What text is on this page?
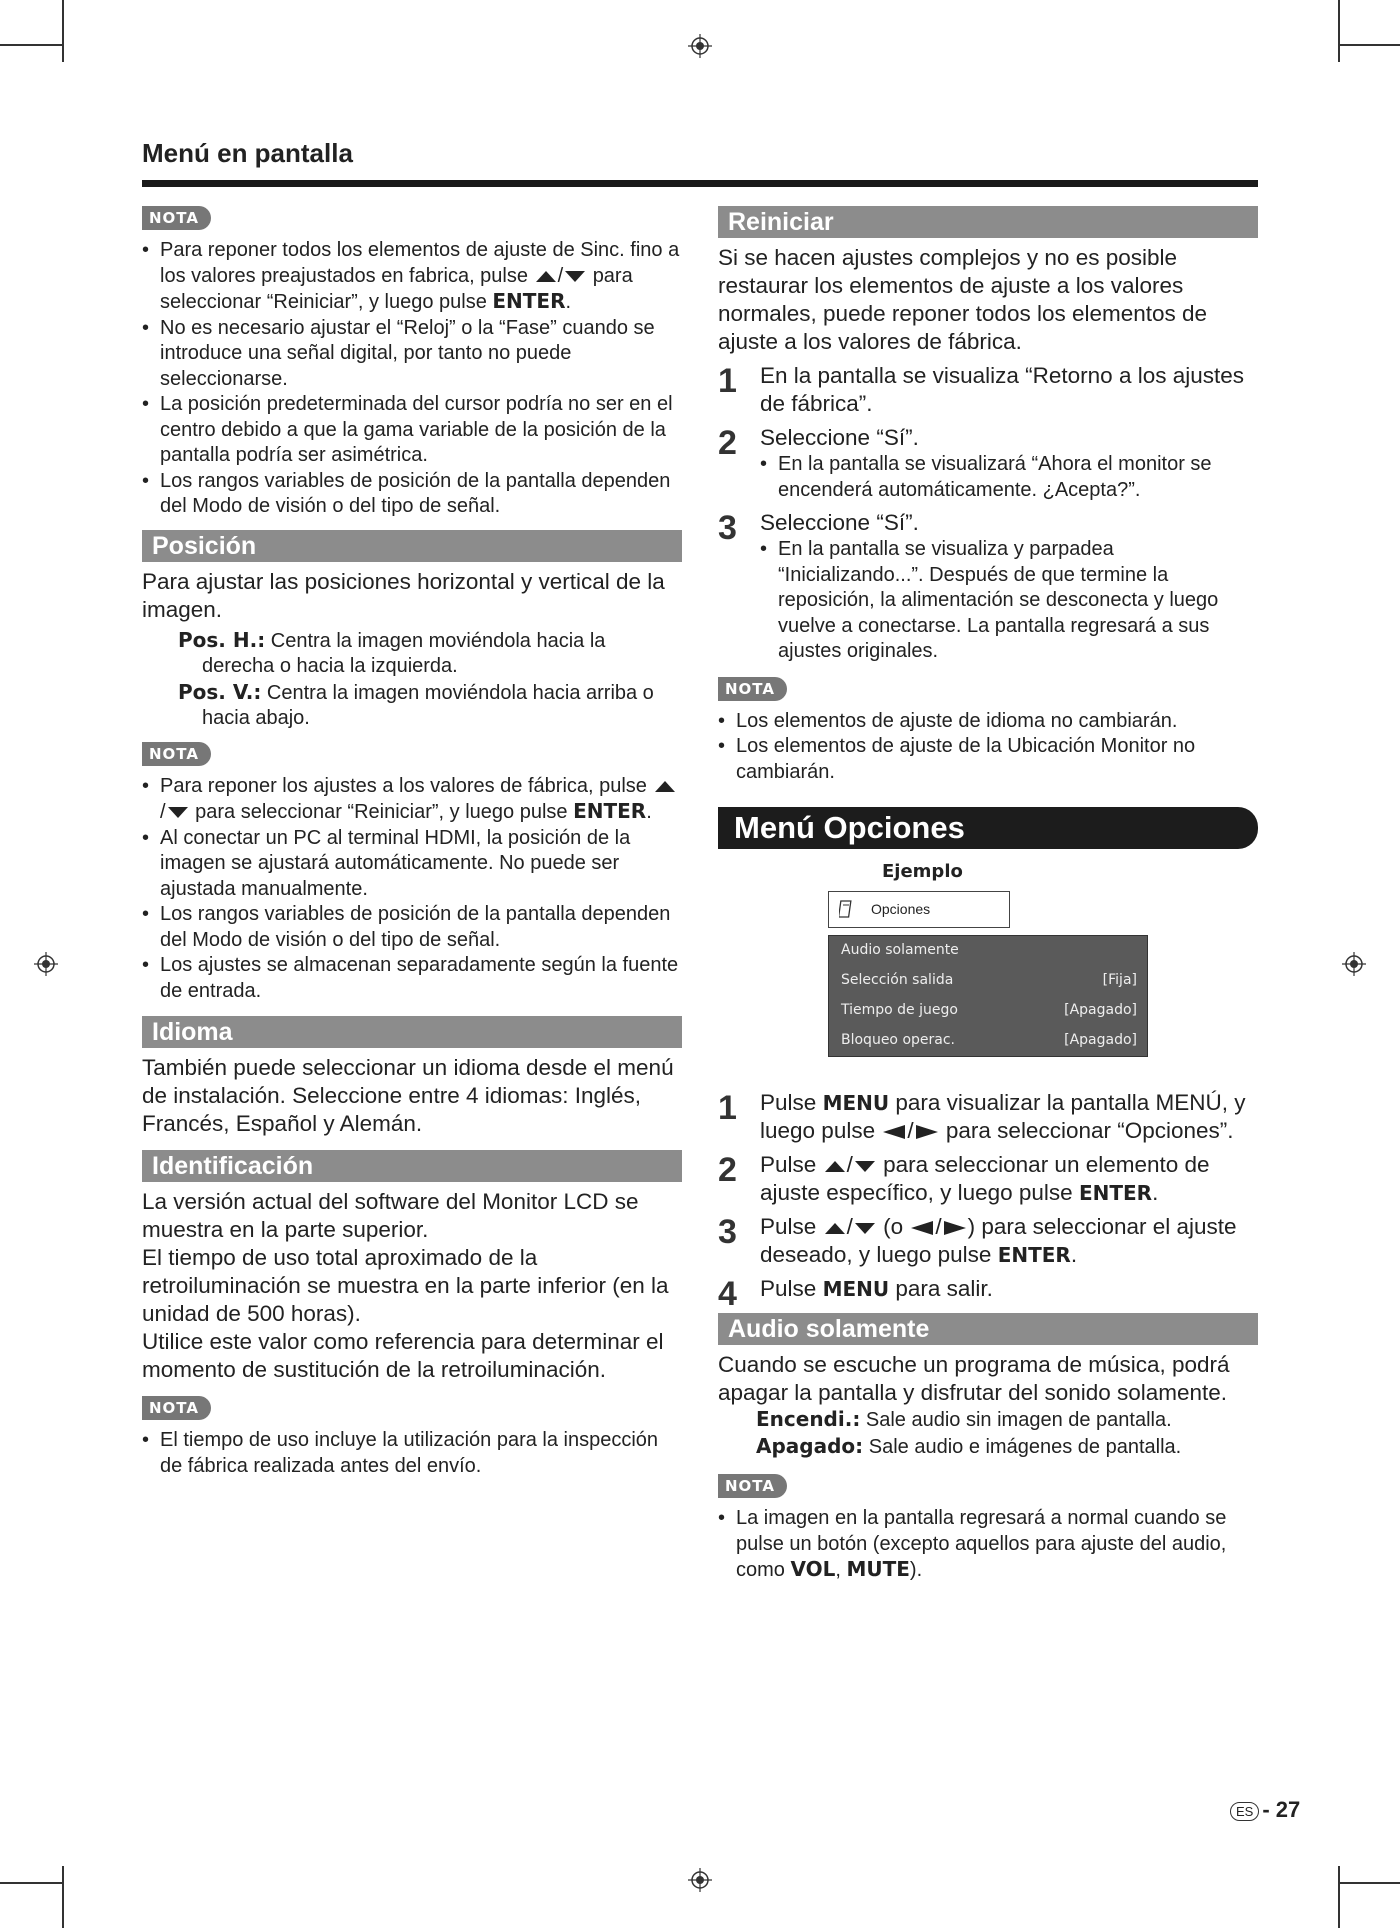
Menú en pantalla
NOTA
• Para reponer todos los elementos de ajuste de Sinc. fino a los valores preajustados en fabrica, pulse / para seleccionar “Reiniciar”, y luego pulse ENTER.
• No es necesario ajustar el “Reloj” o la “Fase” cuando se introduce una señal digital, por tanto no puede seleccionarse.
• La posición predeterminada del cursor podría no ser en el centro debido a que la gama variable de la posición de la pantalla podría ser asimétrica.
• Los rangos variables de posición de la pantalla dependen del Modo de visión o del tipo de señal.
Posición
Para ajustar las posiciones horizontal y vertical de la imagen.
Pos. H.: Centra la imagen moviéndola hacia la derecha o hacia la izquierda.
Pos. V.: Centra la imagen moviéndola hacia arriba o hacia abajo.
NOTA
• Para reponer los ajustes a los valores de fábrica, pulse / para seleccionar “Reiniciar”, y luego pulse ENTER.
• Al conectar un PC al terminal HDMI, la posición de la imagen se ajustará automáticamente. No puede ser ajustada manualmente.
• Los rangos variables de posición de la pantalla dependen del Modo de visión o del tipo de señal.
• Los ajustes se almacenan separadamente según la fuente de entrada.
Idioma
También puede seleccionar un idioma desde el menú de instalación. Seleccione entre 4 idiomas: Inglés, Francés, Español y Alemán.
Identificación
La versión actual del software del Monitor LCD se muestra en la parte superior.
El tiempo de uso total aproximado de la retroiluminación se muestra en la parte inferior (en la unidad de 500 horas).
Utilice este valor como referencia para determinar el momento de sustitución de la retroiluminación.
NOTA
• El tiempo de uso incluye la utilización para la inspección de fábrica realizada antes del envío.
Reiniciar
Si se hacen ajustes complejos y no es posible restaurar los elementos de ajuste a los valores normales, puede reponer todos los elementos de ajuste a los valores de fábrica.
1 En la pantalla se visualiza “Retorno a los ajustes de fábrica”.
2 Seleccione “Sí”.
• En la pantalla se visualizará “Ahora el monitor se encenderá automáticamente. ¿Acepta?”.
3 Seleccione “Sí”.
• En la pantalla se visualiza y parpadea “Inicializando...”. Después de que termine la reposición, la alimentación se desconecta y luego vuelve a conectarse. La pantalla regresará a sus ajustes originales.
NOTA
• Los elementos de ajuste de idioma no cambiarán.
• Los elementos de ajuste de la Ubicación Monitor no cambiarán.
Menú Opciones
Ejemplo
Opciones
Audio solamente
Selección salida	[Fija]
Tiempo de juego	[Apagado]
Bloqueo operac.	[Apagado]
1 Pulse MENU para visualizar la pantalla MENÚ, y luego pulse / para seleccionar “Opciones”.
2 Pulse / para seleccionar un elemento de ajuste específico, y luego pulse ENTER.
3 Pulse / (o / ) para seleccionar el ajuste deseado, y luego pulse ENTER.
4 Pulse MENU para salir.
Audio solamente
Cuando se escuche un programa de música, podrá apagar la pantalla y disfrutar del sonido solamente.
Encendi.: Sale audio sin imagen de pantalla.
Apagado: Sale audio e imágenes de pantalla.
NOTA
• La imagen en la pantalla regresará a normal cuando se pulse un botón (excepto aquellos para ajuste del audio, como VOL, MUTE).
ES - 27
